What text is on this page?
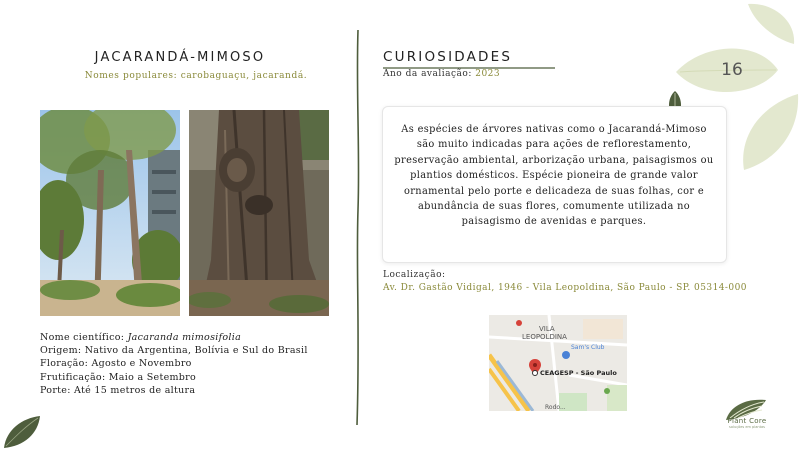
16
JACARANDÁ-MIMOSO
Nomes populares: carobaguaçu, jacarandá.
Nome científico: Jacaranda mimosifolia
Origem: Nativo da Argentina, Bolívia e Sul do Brasil
Floração: Agosto e Novembro
Frutificação: Maio a Setembro
Porte: Até 15 metros de altura
CURIOSIDADES
Ano da avaliação: 2023
As espécies de árvores nativas como o Jacarandá-Mimoso são muito indicadas para ações de reflorestamento, preservação ambiental, arborização urbana, paisagismos ou plantios domésticos. Espécie pioneira de grande valor ornamental pelo porte e delicadeza de suas folhas, cor e abundância de suas flores, comumente utilizada no paisagismo de avenidas e parques.
Localização:
Av. Dr. Gastão Vidigal, 1946 - Vila Leopoldina, São Paulo - SP. 05314-000
VILA
LEOPOLDINA
Sam's Club
CEAGESP - São Paulo
Rodo...
Plant Core
soluções em plantas
